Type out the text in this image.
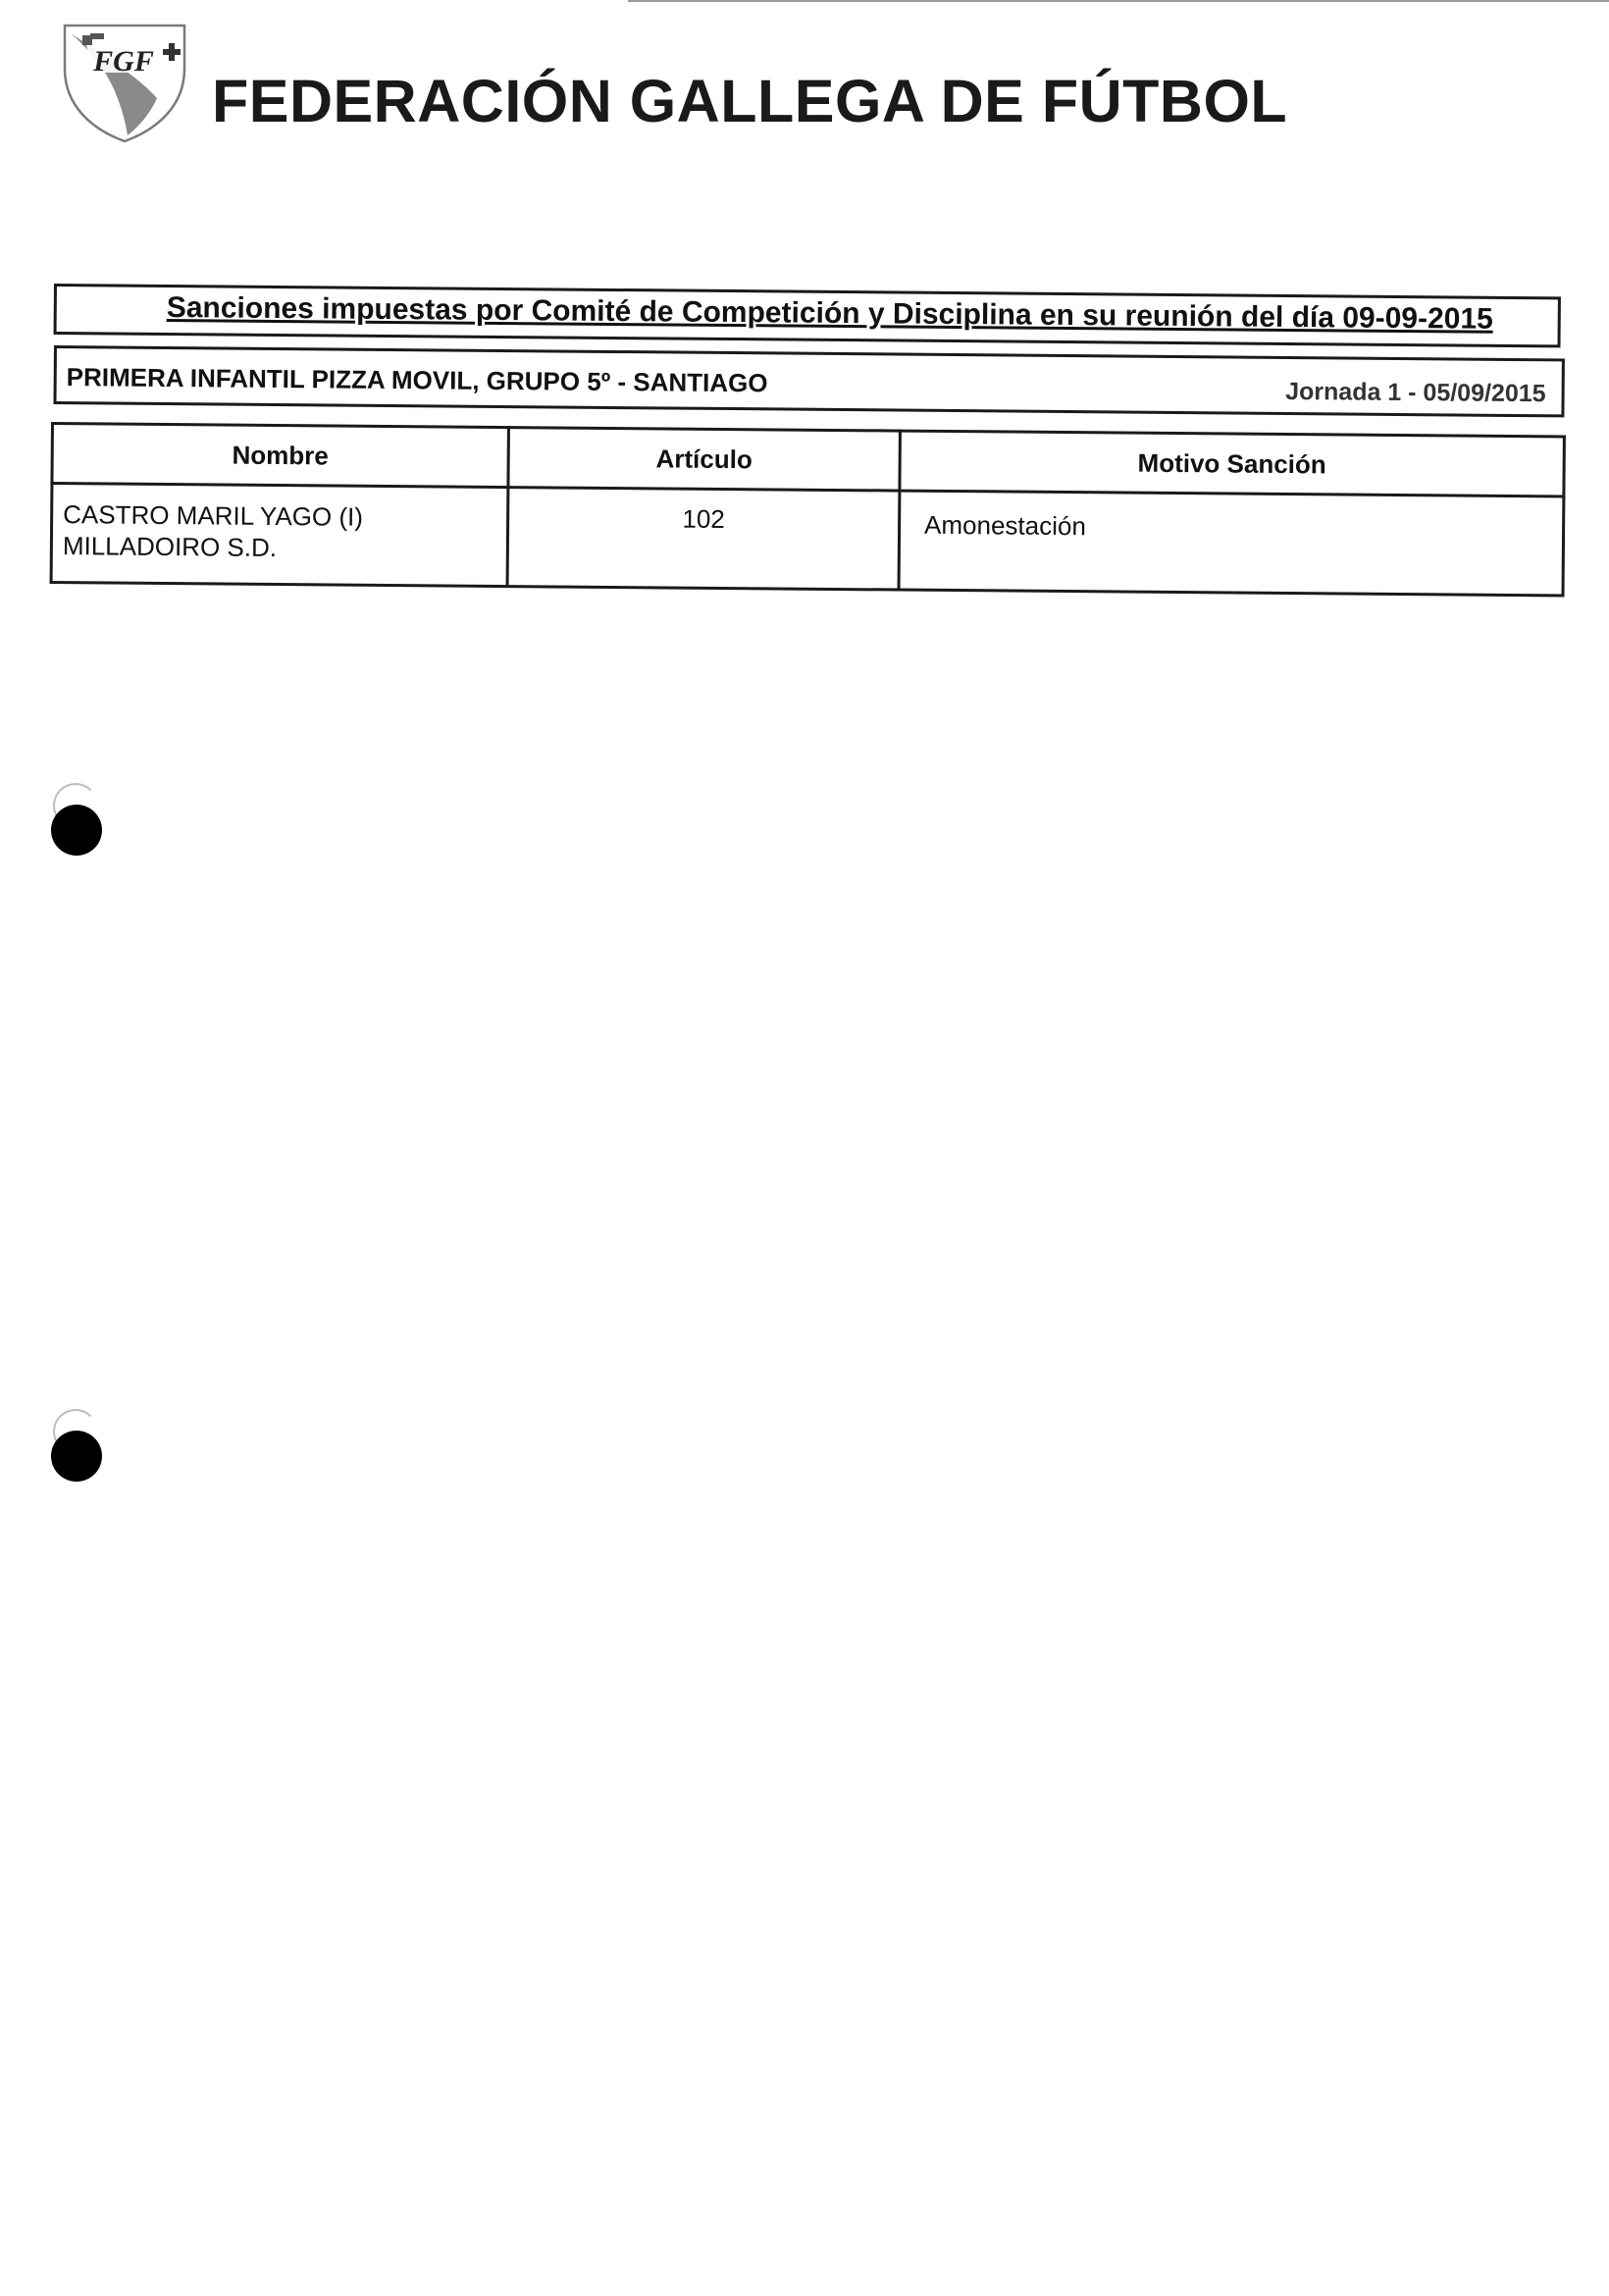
FGF
FEDERACIÓN GALLEGA DE FÚTBOL
Sanciones impuestas por Comité de Competición y Disciplina en su reunión del día 09-09-2015
PRIMERA INFANTIL PIZZA MOVIL, GRUPO 5º - SANTIAGO	Jornada 1 - 05/09/2015
Nombre	Artículo	Motivo Sanción

CASTRO MARIL YAGO (I)
MILLADOIRO S.D.	102	Amonestación
